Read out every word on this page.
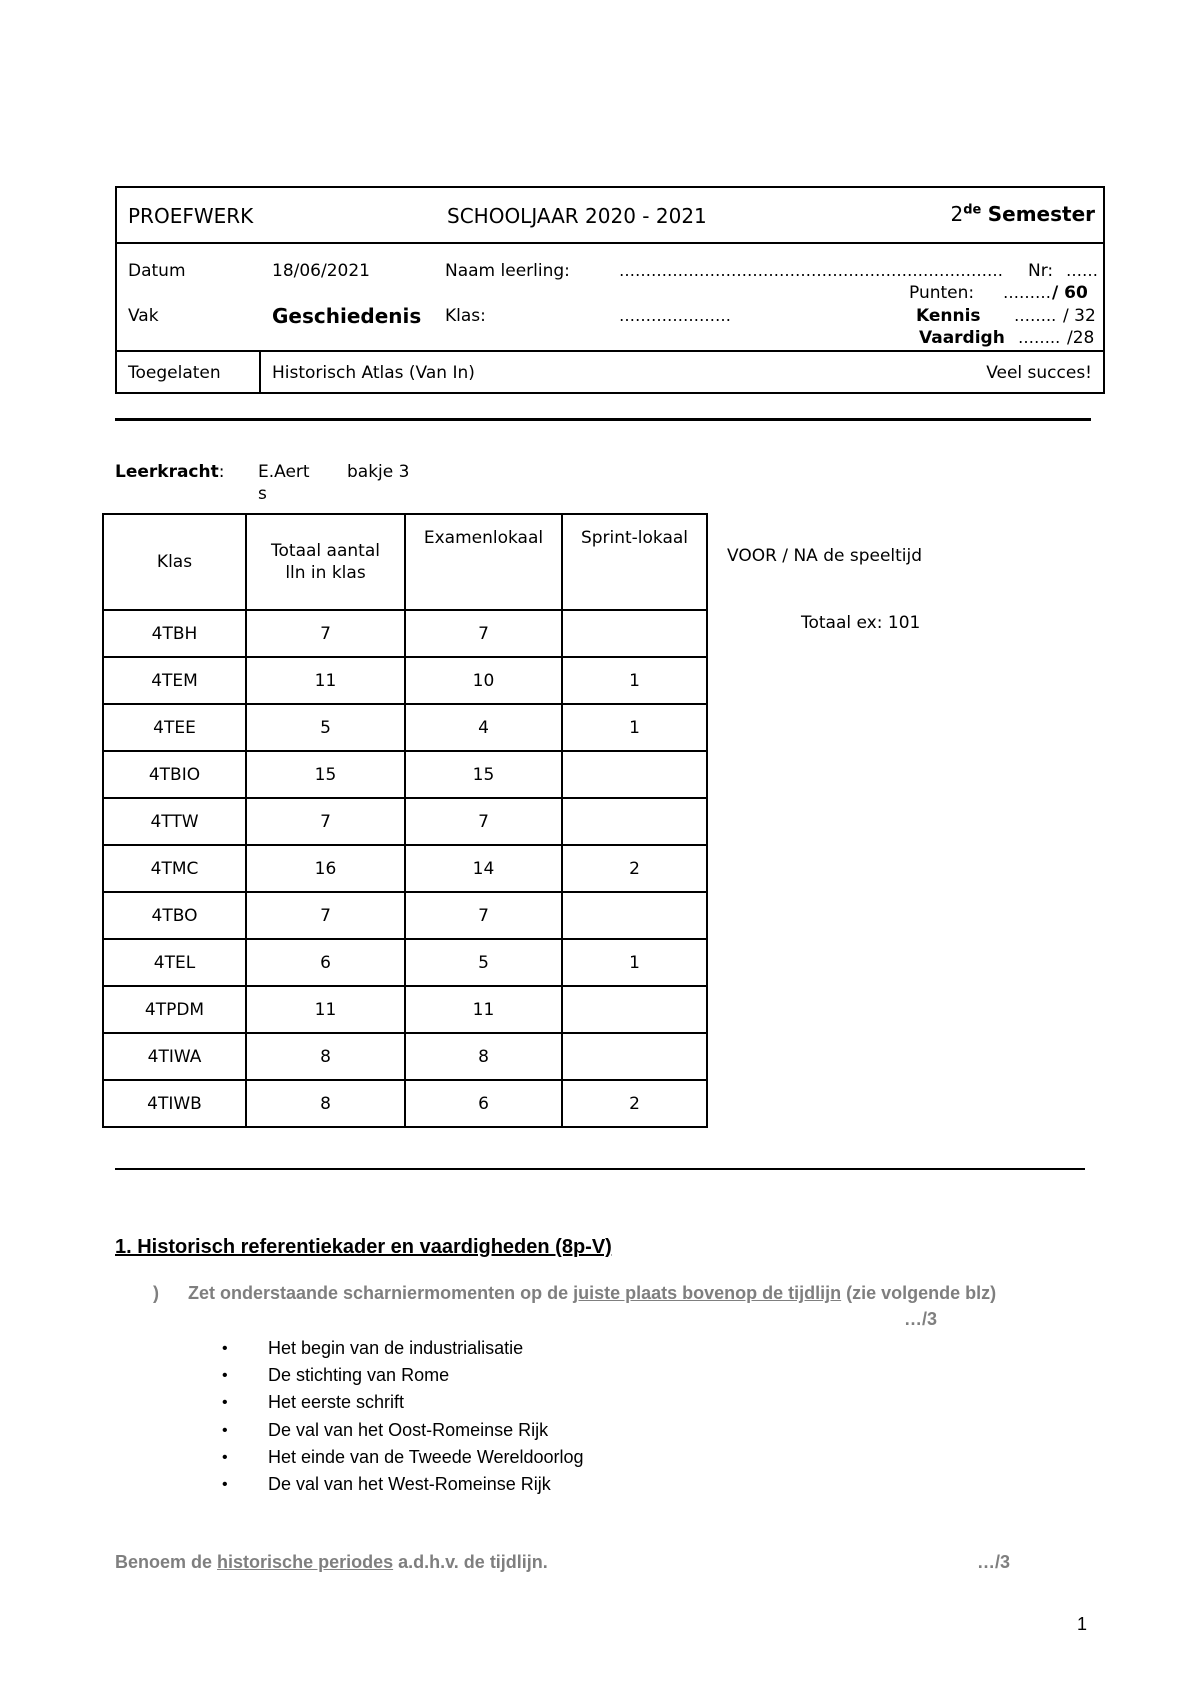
PROEFWERK	SCHOOLJAAR 2020 - 2021	2de Semester
Datum	18/06/2021	Naam leerling:	……………………………………………………………… Nr: ……
Punten: ……… / 60
Vak	Geschiedenis Klas:	…………………	Kennis …….. / 32
Vaardigh …….. /28
Toegelaten	Historisch Atlas (Van In)	Veel succes!
Leerkracht: E.Aert
s
bakje 3
Klas	Totaal aantal lln in klas	Examenlokaal	Sprint-lokaal
4TBH	7	7	
4TEM	11	10	1
4TEE	5	4	1
4TBIO	15	15	
4TTW	7	7	
4TMC	16	14	2
4TBO	7	7	
4TEL	6	5	1
4TPDM	11	11	
4TIWA	8	8	
4TIWB	8	6	2
VOOR / NA de speeltijd
Totaal ex: 101
1. Historisch referentiekader en vaardigheden (8p-V)
) Zet onderstaande scharniermomenten op de juiste plaats bovenop de tijdlijn (zie volgende blz)
…/3
• Het begin van de industrialisatie
• De stichting van Rome
• Het eerste schrift
• De val van het Oost-Romeinse Rijk
• Het einde van de Tweede Wereldoorlog
• De val van het West-Romeinse Rijk
Benoem de historische periodes a.d.h.v. de tijdlijn.	…/3
1
